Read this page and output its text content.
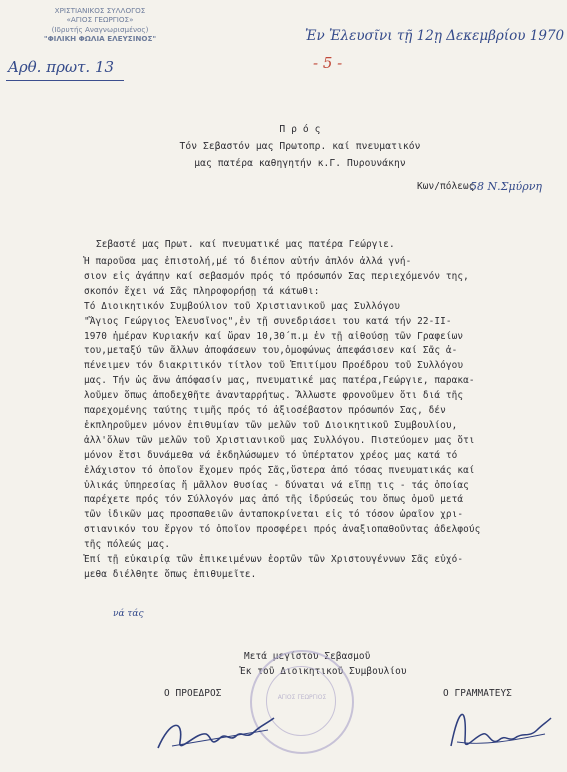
ΧΡΙΣΤΙΑΝΙΚΟΣ ΣΥΛΛΟΓΟΣ
«ΑΓΙΟΣ ΓΕΩΡΓΙΟΣ»
(Ιδρυτής Αναγνωρισμένος)
"ΦΙΛΙΚΗ ΦΩΛΙΑ ΕΛΕΥΣΙΝΟΣ"
Αρθ. πρωτ. 13
Ἐν Ἐλευσῖνι τῇ 12ῃ Δεκεμβρίου 1970
- 5 -
Π ρ ό ς
Τόν Σεβαστόν μας Πρωτοπρ. καί πνευματικόν
μας πατέρα καθηγητήν κ.Γ. Πυρουνάκην
Κων/πόλεως
58 Ν.Σμύρνη
Σεβαστέ μας Πρωτ. καί πνευματικέ μας πατέρα Γεώργιε.
Ἡ παροῦσα μας ἐπιστολή,μέ τό διέπον αὐτήν ἁπλόν ἀλλά γνή-
σιον εἰς ἀγάπην καί σεβασμόν πρός τό πρόσωπόν Σας περιεχόμενόν της,
σκοπόν ἔχει νά Σᾶς πληροφορήσῃ τά κάτωθι:
Τό Διοικητικόν Συμβούλιον τοῦ Χριστιανικοῦ μας Συλλόγου
"Ἅγιος Γεώργιος Ἐλευσῖνος",ἐν τῇ συνεδριάσει του κατά τήν 22-ΙΙ-
1970 ἡμέραν Κυριακήν καί ὥραν 10,30΄π.μ ἐν τῇ αἰθούσῃ τῶν Γραφείων
του,μεταξύ τῶν ἄλλων ἀποφάσεων του,ὁμοφώνως ἀπεφάσισεν καί Σᾶς ἀ-
πένειμεν τόν διακριτικόν τίτλον τοῦ Ἐπιτίμου Προέδρου τοῦ Συλλόγου
μας. Τήν ὡς ἄνω ἀπόφασίν μας, πνευματικέ μας πατέρα,Γεώργιε, παρακα-
λοῦμεν ὅπως ἀποδεχθῆτε ἀνανταρρήτως. Ἄλλωστε φρονοῦμεν ὅτι διά τῆς
παρεχομένης ταύτης τιμῆς πρός τό ἀξιοσέβαστον πρόσωπόν Σας, δέν
ἐκπληροῦμεν μόνον ἐπιθυμίαν τῶν μελῶν τοῦ Διοικητικοῦ Συμβουλίου,
ἀλλ'ὅλων τῶν μελῶν τοῦ Χριστιανικοῦ μας Συλλόγου. Πιστεύομεν μας ὅτι
μόνον ἔτσι δυνάμεθα νά ἐκδηλώσωμεν τό ὑπέρτατον χρέος μας κατά τό
ἐλάχιστον τό ὁποῖον ἔχομεν πρός Σᾶς,ὕστερα ἀπό τόσας πνευματικάς καί
ὑλικάς ὑπηρεσίας ἤ μᾶλλον θυσίας - δύναται νά εἴπῃ τις - τάς ὁποίας
παρέχετε πρός τόν Σύλλογόν μας ἀπό τῆς ἱδρύσεώς του ὅπως ὁμοῦ μετά
τῶν ἰδικῶν μας προσπαθειῶν ἀνταποκρίνεται εἰς τό τόσον ὡραῖον χρι-
στιανικόν του ἔργον τό ὁποῖον προσφέρει πρός ἀναξιοπαθοῦντας ἀδελφούς
τῆς πόλεώς μας.
Ἐπί τῇ εὐκαιρίᾳ τῶν ἐπικειμένων ἑορτῶν τῶν Χριστουγέννων Σᾶς εὐχό-
μεθα διέλθητε ὅπως ἐπιθυμεῖτε.
νά τάς
Μετά μεγίστου Σεβασμοῦ
Ἐκ τοῦ Διοικητικοῦ Συμβουλίου
Ο ΠΡΟΕΔΡΟΣ	Ο ΓΡΑΜΜΑΤΕΥΣ
ΑΓΙΟΣ ΓΕΩΡΓΙΟΣ
